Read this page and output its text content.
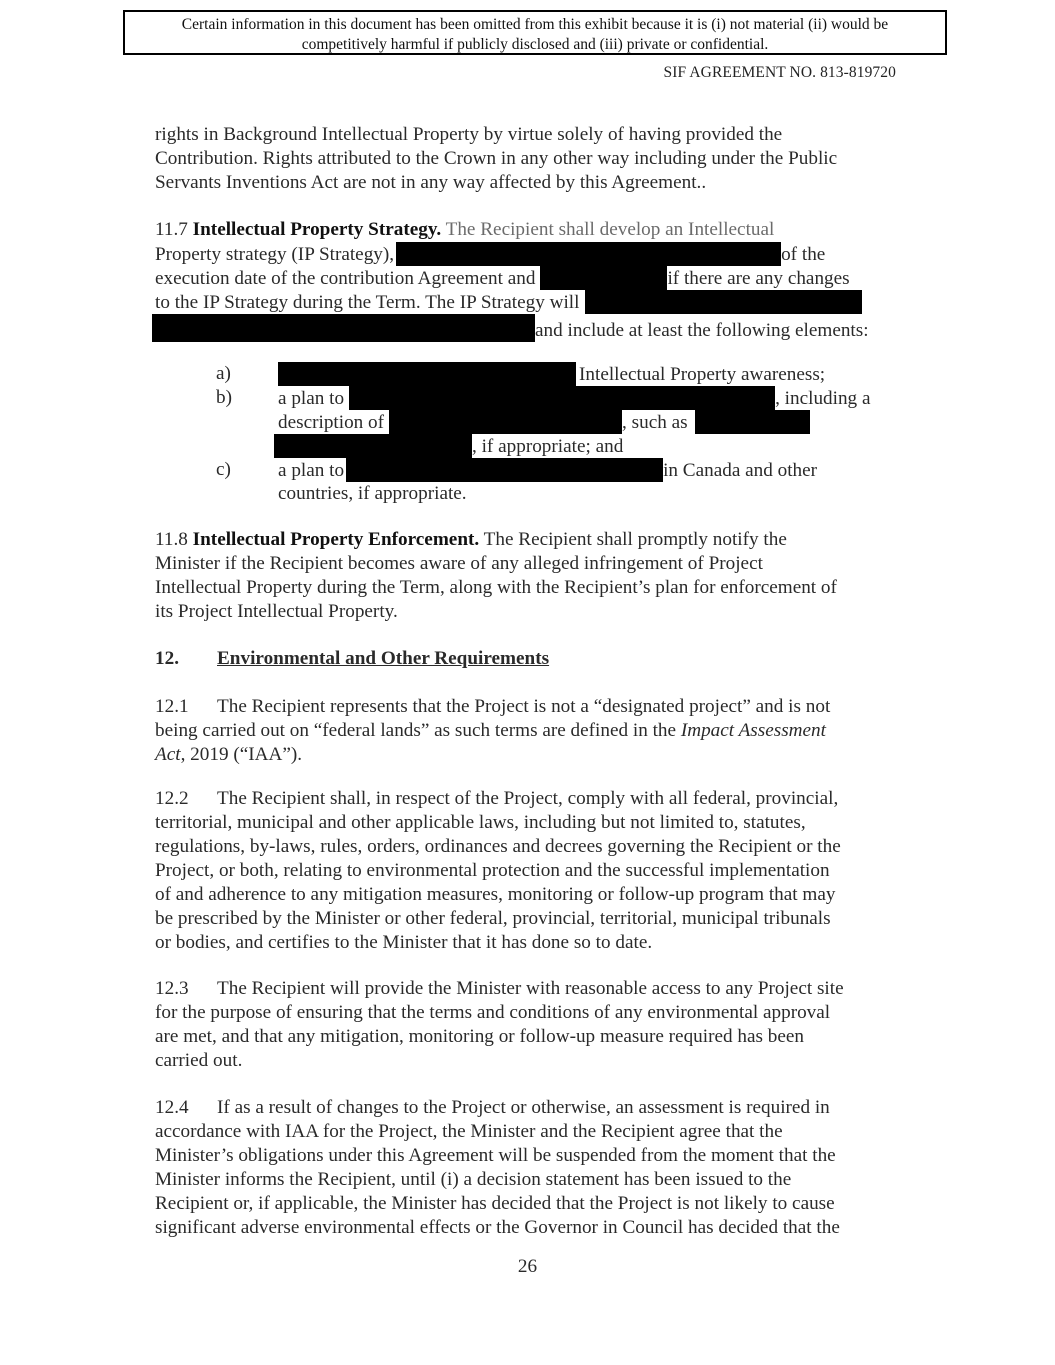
Certain information in this document has been omitted from this exhibit because it is (i) not material (ii) would be
competitively harmful if publicly disclosed and (iii) private or confidential.
SIF AGREEMENT NO. 813-819720
rights in Background Intellectual Property by virtue solely of having provided the
Contribution. Rights attributed to the Crown in any other way including under the Public
Servants Inventions Act are not in any way affected by this Agreement..
11.7 Intellectual Property Strategy. The Recipient shall develop an Intellectual
Property strategy (IP Strategy),	of the
execution date of the contribution Agreement and	if there are any changes
to the IP Strategy during the Term. The IP Strategy will
and include at least the following elements:
a)	Intellectual Property awareness;
b) a plan to	, including a
description of	, such as
, if appropriate; and
c) a plan to	in Canada and other
countries, if appropriate.
11.8 Intellectual Property Enforcement. The Recipient shall promptly notify the
Minister if the Recipient becomes aware of any alleged infringement of Project
Intellectual Property during the Term, along with the Recipient’s plan for enforcement of
its Project Intellectual Property.
12. Environmental and Other Requirements
12.1 The Recipient represents that the Project is not a “designated project” and is not
being carried out on “federal lands” as such terms are defined in the Impact Assessment
Act, 2019 (“IAA”).
12.2 The Recipient shall, in respect of the Project, comply with all federal, provincial,
territorial, municipal and other applicable laws, including but not limited to, statutes,
regulations, by-laws, rules, orders, ordinances and decrees governing the Recipient or the
Project, or both, relating to environmental protection and the successful implementation
of and adherence to any mitigation measures, monitoring or follow-up program that may
be prescribed by the Minister or other federal, provincial, territorial, municipal tribunals
or bodies, and certifies to the Minister that it has done so to date.
12.3 The Recipient will provide the Minister with reasonable access to any Project site
for the purpose of ensuring that the terms and conditions of any environmental approval
are met, and that any mitigation, monitoring or follow-up measure required has been
carried out.
12.4 If as a result of changes to the Project or otherwise, an assessment is required in
accordance with IAA for the Project, the Minister and the Recipient agree that the
Minister’s obligations under this Agreement will be suspended from the moment that the
Minister informs the Recipient, until (i) a decision statement has been issued to the
Recipient or, if applicable, the Minister has decided that the Project is not likely to cause
significant adverse environmental effects or the Governor in Council has decided that the
26
